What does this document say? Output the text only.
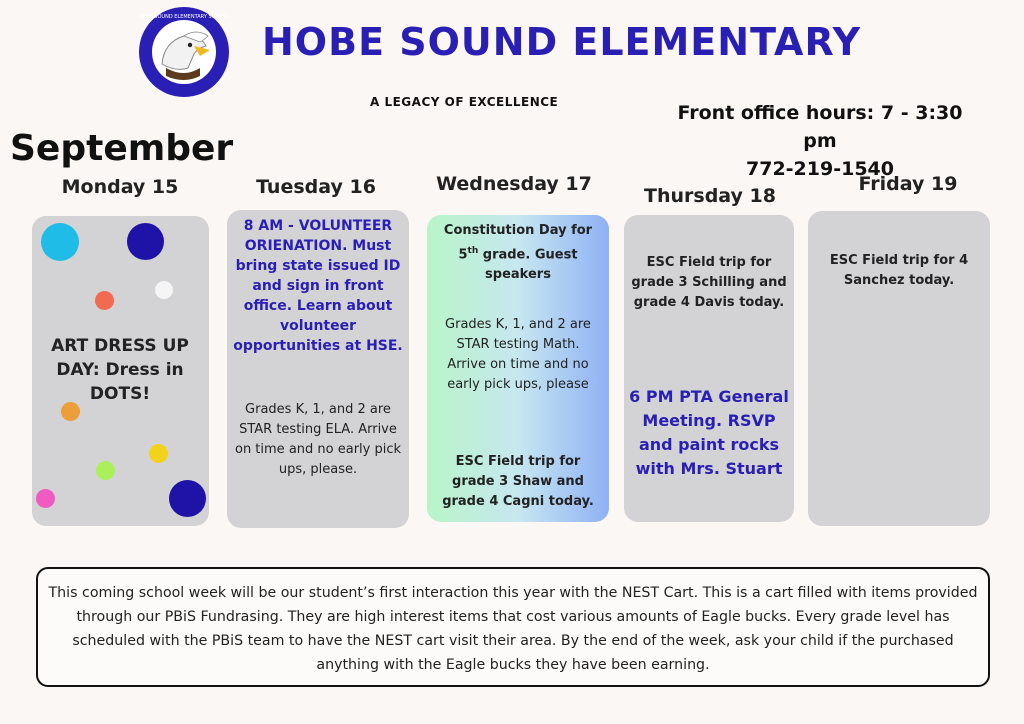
HOBE SOUND ELEMENTARY SCHOOL
HOBE SOUND ELEMENTARY
A LEGACY OF EXCELLENCE	Front office hours: 7 - 3:30 pm
772-219-1540
September
Monday 15	Tuesday 16	Wednesday 17
Thursday 18
Friday 19
ART DRESS UP DAY: Dress in DOTS!
8 AM - VOLUNTEER ORIENATION. Must bring state issued ID and sign in front office. Learn about volunteer opportunities at HSE.
Grades K, 1, and 2 are STAR testing ELA. Arrive on time and no early pick ups, please.
Constitution Day for 5th grade. Guest speakers
Grades K, 1, and 2 are STAR testing Math. Arrive on time and no early pick ups, please
ESC Field trip for grade 3 Shaw and grade 4 Cagni today.
ESC Field trip for grade 3 Schilling and grade 4 Davis today.
6 PM PTA General Meeting. RSVP and paint rocks with Mrs. Stuart
ESC Field trip for 4 Sanchez today.
This coming school week will be our student’s first interaction this year with the NEST Cart. This is a cart filled with items provided through our PBiS Fundrasing. They are high interest items that cost various amounts of Eagle bucks. Every grade level has scheduled with the PBiS team to have the NEST cart visit their area. By the end of the week, ask your child if the purchased anything with the Eagle bucks they have been earning.
